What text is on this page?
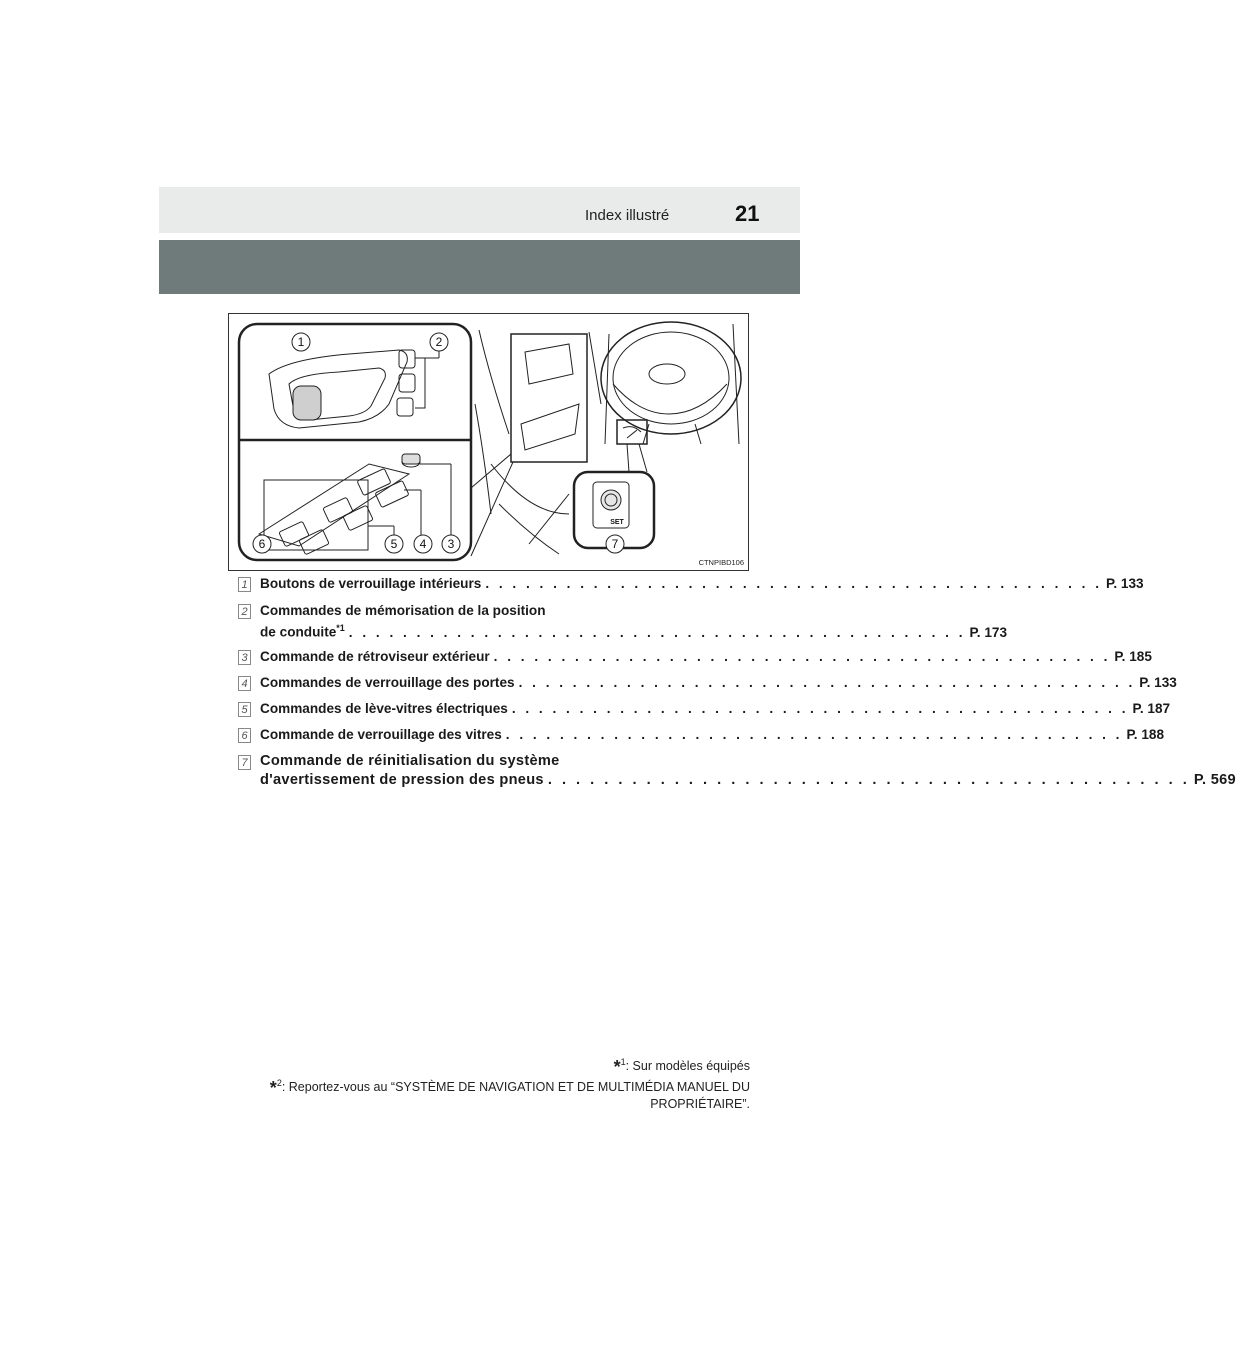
Index illustré	21
1	2
3
4
5
6	7
SET
CTNPIBD106
1 Boutons de verrouillage intérieurs . . . . . . . . . . . . . . . . . . . . . . . . . . . . . . . . . . . . . . . . . . . . . . P. 133
2 Commandes de mémorisation de la position
de conduite$^{*1}$ . . . . . . . . . . . . . . . . . . . . . . . . . . . . . . . . . . . . . . . . . . . . . . P. 173
3 Commande de rétroviseur extérieur . . . . . . . . . . . . . . . . . . . . . . . . . . . . . . . . . . . . . . . . . . . . . . P. 185
4 Commandes de verrouillage des portes . . . . . . . . . . . . . . . . . . . . . . . . . . . . . . . . . . . . . . . . . . . . . . P. 133
5 Commandes de lève-vitres électriques . . . . . . . . . . . . . . . . . . . . . . . . . . . . . . . . . . . . . . . . . . . . . . P. 187
6 Commande de verrouillage des vitres . . . . . . . . . . . . . . . . . . . . . . . . . . . . . . . . . . . . . . . . . . . . . . P. 188
7 Commande de réinitialisation du système
d'avertissement de pression des pneus . . . . . . . . . . . . . . . . . . . . . . . . . . . . . . . . . . . . . . . . . . . . . . P. 569
*$^1$: Sur modèles équipés
*$^2$: Reportez-vous au “SYSTÈME DE NAVIGATION ET DE MULTIMÉDIA MANUEL DU
PROPRIÉTAIRE”.
